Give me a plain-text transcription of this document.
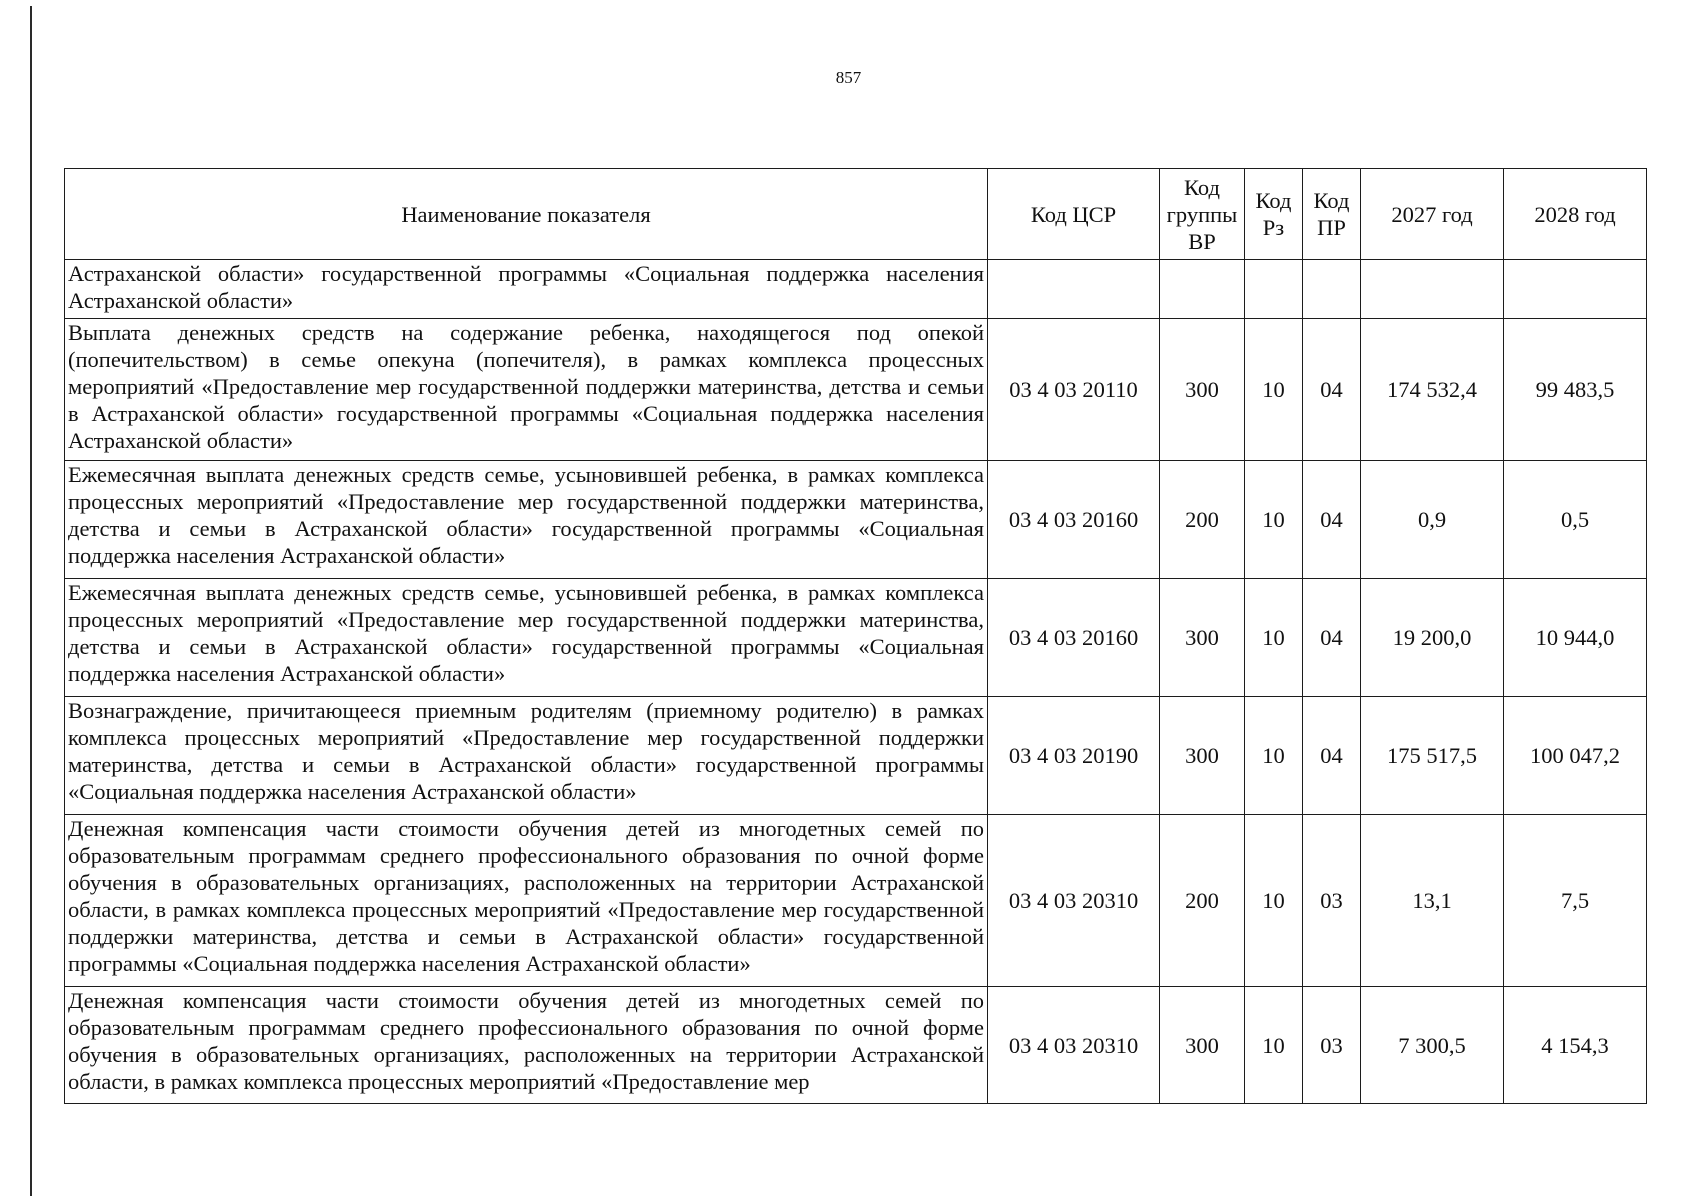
857
Наименование показателя	Код ЦСР	Код группы ВР	Код Рз	Код ПР	2027 год	2028 год
Астраханской области» государственной программы «Социальная поддержка населения Астраханской области»						
Выплата денежных средств на содержание ребенка, находящегося под опекой (попечительством) в семье опекуна (попечителя), в рамках комплекса процессных мероприятий «Предоставление мер государственной поддержки материнства, детства и семьи в Астраханской области» государственной программы «Социальная поддержка населения Астраханской области»	03 4 03 20110	300	10	04	174 532,4	99 483,5
Ежемесячная выплата денежных средств семье, усыновившей ребенка, в рамках комплекса процессных мероприятий «Предоставление мер государственной поддержки материнства, детства и семьи в Астраханской области» государственной программы «Социальная поддержка населения Астраханской области»	03 4 03 20160	200	10	04	0,9	0,5
Ежемесячная выплата денежных средств семье, усыновившей ребенка, в рамках комплекса процессных мероприятий «Предоставление мер государственной поддержки материнства, детства и семьи в Астраханской области» государственной программы «Социальная поддержка населения Астраханской области»	03 4 03 20160	300	10	04	19 200,0	10 944,0
Вознаграждение, причитающееся приемным родителям (приемному родителю) в рамках комплекса процессных мероприятий «Предоставление мер государственной поддержки материнства, детства и семьи в Астраханской области» государственной программы «Социальная поддержка населения Астраханской области»	03 4 03 20190	300	10	04	175 517,5	100 047,2
Денежная компенсация части стоимости обучения детей из многодетных семей по образовательным программам среднего профессионального образования по очной форме обучения в образовательных организациях, расположенных на территории Астраханской области, в рамках комплекса процессных мероприятий «Предоставление мер государственной поддержки материнства, детства и семьи в Астраханской области» государственной программы «Социальная поддержка населения Астраханской области»	03 4 03 20310	200	10	03	13,1	7,5

Денежная компенсация части стоимости обучения детей из многодетных семей по образовательным программам среднего профессионального образования по очной форме обучения в образовательных организациях, расположенных на территории Астраханской области, в рамках комплекса процессных мероприятий «Предоставление мер	03 4 03 20310	300	10	03	7 300,5	4 154,3
